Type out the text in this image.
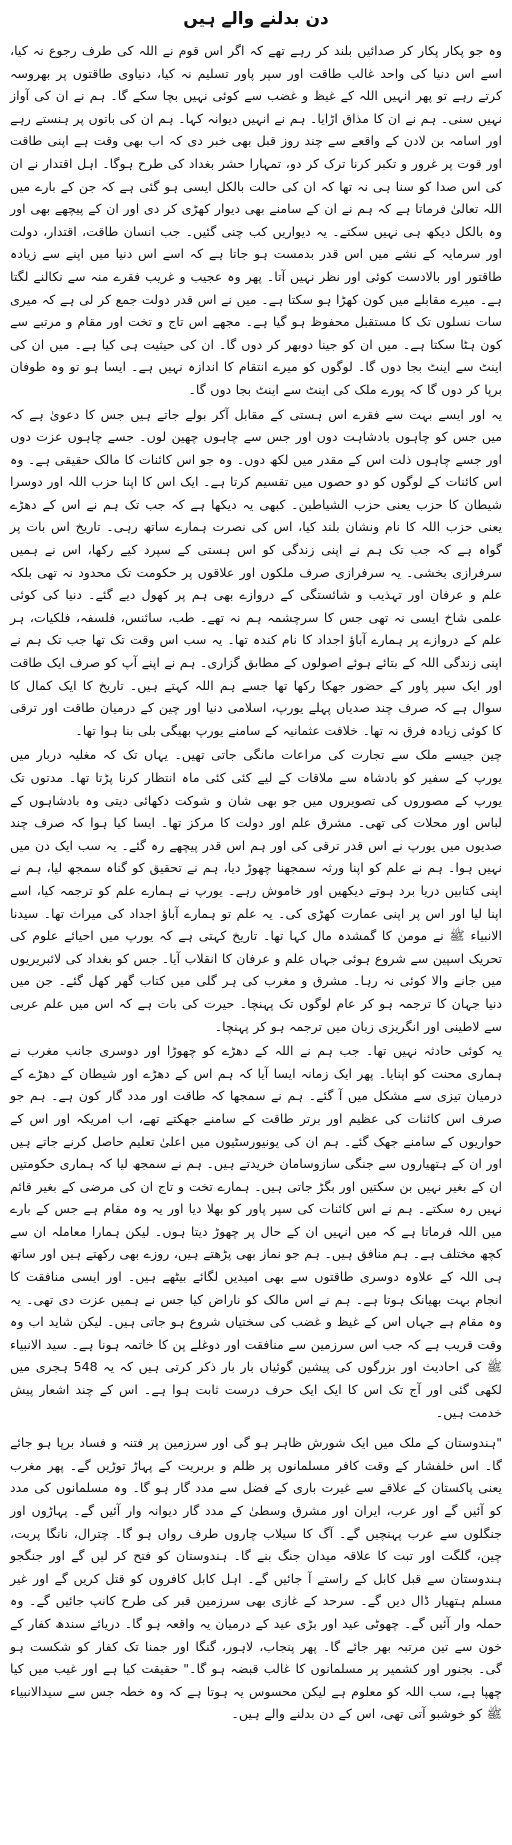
دن بدلنے والے ہیں

وہ جو پکار پکار کر صدائیں بلند کر رہے تھے کہ اگر اس قوم نے اللہ کی طرف رجوع نہ کیا، اسے اس دنیا کی واحد غالب طاقت اور سپر پاور تسلیم نہ کیا، دنیاوی طاقتوں پر بھروسہ کرتے رہے تو پھر انہیں اللہ کے غیظ و غضب سے کوئی نہیں بچا سکے گا۔ ہم نے ان کی آواز نہیں سنی۔ ہم نے ان کا مذاق اڑایا۔ ہم نے انہیں دیوانہ کہا۔ ہم ان کی باتوں پر ہنستے رہے اور اسامہ بن لادن کے واقعے سے چند روز قبل بھی خبر دی کہ اب بھی وقت ہے اپنی طاقت اور قوت پر غرور و تکبر کرنا ترک کر دو، تمہارا حشر بغداد کی طرح ہوگا۔ اہل اقتدار نے ان کی اس صدا کو سنا ہی نہ تھا کہ ان کی حالت بالکل ایسی ہو گئی ہے کہ جن کے بارے میں اللہ تعالیٰ فرماتا ہے کہ ہم نے ان کے سامنے بھی دیوار کھڑی کر دی اور ان کے پیچھے بھی اور وہ بالکل دیکھ ہی نہیں سکتے۔ یہ دیواریں کب چنی گئیں۔ جب انسان طاقت، اقتدار، دولت اور سرمایہ کے نشے میں اس قدر بدمست ہو جاتا ہے کہ اسے اس دنیا میں اپنے سے زیادہ طاقتور اور بالادست کوئی اور نظر نہیں آتا۔ پھر وہ عجیب و غریب فقرے منہ سے نکالنے لگتا ہے۔ میرے مقابلے میں کون کھڑا ہو سکتا ہے۔ میں نے اس قدر دولت جمع کر لی ہے کہ میری سات نسلوں تک کا مستقبل محفوظ ہو گیا ہے۔ مجھے اس تاج و تخت اور مقام و مرتبے سے کون ہٹا سکتا ہے۔ میں ان کو جینا دوبھر کر دوں گا۔ ان کی حیثیت ہی کیا ہے۔ میں ان کی اینٹ سے اینٹ بجا دوں گا۔ لوگوں کو میرے انتقام کا اندازہ نہیں ہے۔ ایسا ہو تو وہ طوفان برپا کر دوں گا کہ پورے ملک کی اینٹ سے اینٹ بجا دوں گا۔

یہ اور ایسے بہت سے فقرے اس ہستی کے مقابل آکر بولے جاتے ہیں جس کا دعویٰ ہے کہ میں جس کو چاہوں بادشاہت دوں اور جس سے چاہوں چھین لوں۔ جسے چاہوں عزت دوں اور جسے چاہوں ذلت اس کے مقدر میں لکھ دوں۔ وہ جو اس کائنات کا مالک حقیقی ہے۔ وہ اس کائنات کے لوگوں کو دو حصوں میں تقسیم کرتا ہے۔ ایک اس کا اپنا حزب اللہ اور دوسرا شیطان کا حزب یعنی حزب الشیاطین۔ کبھی یہ دیکھا ہے کہ جب تک ہم نے اس کے دھڑے یعنی حزب اللہ کا نام ونشان بلند کیا، اس کی نصرت ہمارے ساتھ رہی۔ تاریخ اس بات پر گواہ ہے کہ جب تک ہم نے اپنی زندگی کو اس ہستی کے سپرد کیے رکھا، اس نے ہمیں سرفرازی بخشی۔ یہ سرفرازی صرف ملکوں اور علاقوں پر حکومت تک محدود نہ تھی بلکہ علم و عرفان اور تہذیب و شائستگی کے دروازے بھی ہم پر کھول دیے گئے۔ دنیا کی کوئی علمی شاخ ایسی نہ تھی جس کا سرچشمہ ہم نہ تھے۔ طب، سائنس، فلسفہ، فلکیات، ہر علم کے دروازے پر ہمارے آباؤ اجداد کا نام کندہ تھا۔ یہ سب اس وقت تک تھا جب تک ہم نے اپنی زندگی اللہ کے بتائے ہوئے اصولوں کے مطابق گزاری۔ ہم نے اپنے آپ کو صرف ایک طاقت اور ایک سپر پاور کے حضور جھکا رکھا تھا جسے ہم اللہ کہتے ہیں۔ تاریخ کا ایک کمال کا سوال ہے کہ صرف چند صدیاں پہلے یورپ، اسلامی دنیا اور چین کے درمیان طاقت اور ترقی کا کوئی زیادہ فرق نہ تھا۔ خلافت عثمانیہ کے سامنے یورپ بھیگی بلی بنا ہوا تھا۔

چین جیسے ملک سے تجارت کی مراعات مانگی جاتی تھیں۔ یہاں تک کہ مغلیہ دربار میں یورپ کے سفیر کو بادشاہ سے ملاقات کے لیے کئی کئی ماہ انتظار کرنا پڑتا تھا۔ مدتوں تک یورپ کے مصوروں کی تصویروں میں جو بھی شان و شوکت دکھائی دیتی وہ بادشاہوں کے لباس اور محلات کی تھی۔ مشرق علم اور دولت کا مرکز تھا۔ ایسا کیا ہوا کہ صرف چند صدیوں میں یورپ نے اس قدر ترقی کی اور ہم اس قدر پیچھے رہ گئے۔ یہ سب ایک دن میں نہیں ہوا۔ ہم نے علم کو اپنا ورثہ سمجھنا چھوڑ دیا، ہم نے تحقیق کو گناہ سمجھ لیا، ہم نے اپنی کتابیں دریا برد ہوتے دیکھیں اور خاموش رہے۔ یورپ نے ہمارے علم کو ترجمہ کیا، اسے اپنا لیا اور اس پر اپنی عمارت کھڑی کی۔ یہ علم تو ہمارے آباؤ اجداد کی میراث تھا۔ سیدنا الانبیاء ﷺ نے مومن کا گمشدہ مال کہا تھا۔ تاریخ کہتی ہے کہ یورپ میں احیائے علوم کی تحریک اسپین سے شروع ہوئی جہاں علم و عرفان کا انقلاب آیا۔ جس کو بغداد کی لائبریریوں میں جانے والا کوئی نہ رہا۔ مشرق و مغرب کی ہر گلی میں کتاب گھر کھل گئے۔ جن میں دنیا جہان کا ترجمہ ہو کر عام لوگوں تک پہنچا۔ حیرت کی بات ہے کہ اس میں علم عربی سے لاطینی اور انگریزی زبان میں ترجمہ ہو کر پہنچا۔

یہ کوئی حادثہ نہیں تھا۔ جب ہم نے اللہ کے دھڑے کو چھوڑا اور دوسری جانب مغرب نے ہماری محنت کو اپنایا۔ پھر ایک زمانہ ایسا آیا کہ ہم اس کے دھڑے اور شیطان کے دھڑے کے درمیان تیزی سے مشکل میں آ گئے۔ ہم نے سمجھا کہ طاقت اور مدد گار کون ہے۔ ہم جو صرف اس کائنات کی عظیم اور برتر طاقت کے سامنے جھکتے تھے، اب امریکہ اور اس کے حواریوں کے سامنے جھک گئے۔ ہم ان کی یونیورسٹیوں میں اعلیٰ تعلیم حاصل کرنے جاتے ہیں اور ان کے ہتھیاروں سے جنگی سازوسامان خریدتے ہیں۔ ہم نے سمجھ لیا کہ ہماری حکومتیں ان کے بغیر نہیں بن سکتیں اور بگڑ جاتی ہیں۔ ہمارے تخت و تاج ان کی مرضی کے بغیر قائم نہیں رہ سکتے۔ ہم نے اس کائنات کی سپر پاور کو بھلا دیا اور یہ وہ مقام ہے جس کے بارے میں اللہ فرماتا ہے کہ میں انہیں ان کے حال پر چھوڑ دیتا ہوں۔ لیکن ہمارا معاملہ ان سے کچھ مختلف ہے۔ ہم منافق ہیں۔ ہم جو نماز بھی پڑھتے ہیں، روزے بھی رکھتے ہیں اور ساتھ ہی اللہ کے علاوہ دوسری طاقتوں سے بھی امیدیں لگائے بیٹھے ہیں۔ اور ایسی منافقت کا انجام بہت بھیانک ہوتا ہے۔ ہم نے اس مالک کو ناراض کیا جس نے ہمیں عزت دی تھی۔ یہ وہ مقام ہے جہاں اس کے غیظ و غضب کی سختیاں شروع ہو جاتی ہیں۔ لیکن شاید اب وہ وقت قریب ہے کہ جب اس سرزمین سے منافقت اور دوغلے پن کا خاتمہ ہونا ہے۔ سید الانبیاء ﷺ کی احادیث اور بزرگوں کی پیشین گوئیاں بار بار ذکر کرتی ہیں کہ یہ 548 ہجری میں لکھی گئی اور آج تک اس کا ایک ایک حرف درست ثابت ہوا ہے۔ اس کے چند اشعار پیش خدمت ہیں۔

"ہندوستان کے ملک میں ایک شورش ظاہر ہو گی اور سرزمین پر فتنہ و فساد برپا ہو جائے گا۔ اس خلفشار کے وقت کافر مسلمانوں پر ظلم و بربریت کے پہاڑ توڑیں گے۔ پھر مغرب یعنی پاکستان کے علاقے سے غیرت باری کے فضل سے مدد گار ہو گا۔ وہ مسلمانوں کی مدد کو آئیں گے اور عرب، ایران اور مشرق وسطیٰ کے مدد گار دیوانہ وار آئیں گے۔ پہاڑوں اور جنگلوں سے عرب پہنچیں گے۔ آگ کا سیلاب چاروں طرف رواں ہو گا۔ چترال، نانگا پربت، چین، گلگت اور تبت کا علاقہ میدان جنگ بنے گا۔ ہندوستان کو فتح کر لیں گے اور جنگجو ہندوستان سے قبل کابل کے راستے آ جائیں گے۔ اہل کابل کافروں کو قتل کریں گے اور غیر مسلم ہتھیار ڈال دیں گے۔ سرحد کے غازی بھی سرزمین قبر کی طرح کانپ جائیں گے۔ وہ حملہ وار آئیں گے۔ چھوٹی عید اور بڑی عید کے درمیان یہ واقعہ ہو گا۔ دریائے سندھ کفار کے خون سے تین مرتبہ بھر جائے گا۔ پھر پنجاب، لاہور، گنگا اور جمنا تک کفار کو شکست ہو گی۔ بجنور اور کشمیر پر مسلمانوں کا غالب قبضہ ہو گا۔" حقیقت کیا ہے اور غیب میں کیا چھپا ہے، سب اللہ کو معلوم ہے لیکن محسوس یہ ہوتا ہے کہ وہ خطہ جس سے سیدالانبیاء ﷺ کو خوشبو آتی تھی، اس کے دن بدلنے والے ہیں۔
